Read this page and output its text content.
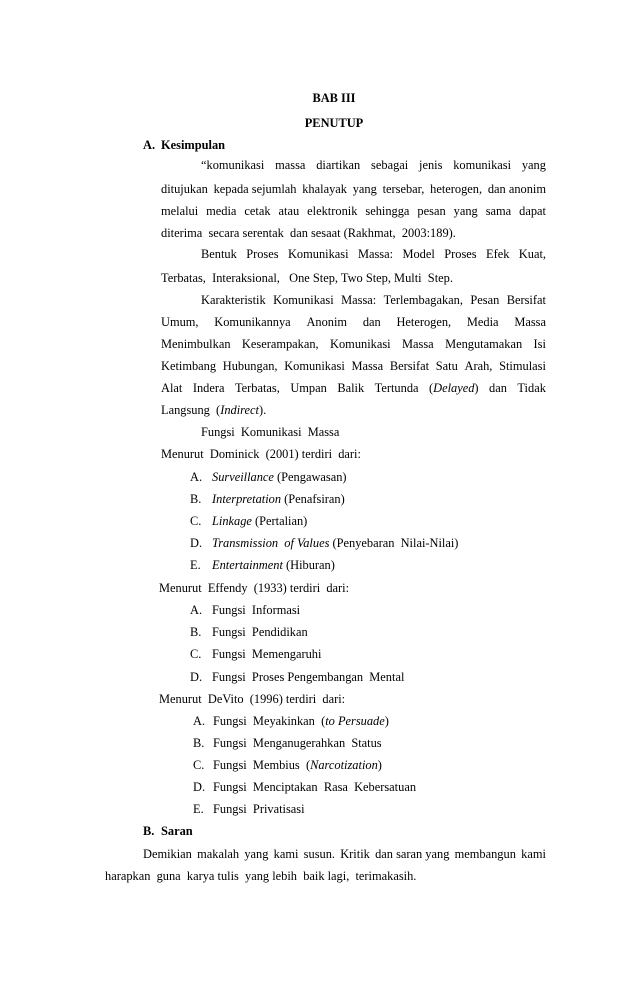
BAB III
PENUTUP
A. Kesimpulan
“komunikasi massa diartikan sebagai jenis komunikasi yang
ditujukan kepada sejumlah khalayak yang tersebar, heterogen, dan anonim
melalui media cetak atau elektronik sehingga pesan yang sama dapat
diterima  secara serentak  dan sesaat (Rakhmat,  2003:189).
Bentuk Proses Komunikasi Massa: Model Proses Efek Kuat,
Terbatas,  Interaksional,   One Step, Two Step, Multi  Step.
Karakteristik Komunikasi Massa: Terlembagakan, Pesan Bersifat
Umum, Komunikannya Anonim dan Heterogen, Media Massa
Menimbulkan Keserampakan, Komunikasi Massa Mengutamakan Isi
Ketimbang Hubungan, Komunikasi Massa Bersifat Satu Arah, Stimulasi
Alat Indera Terbatas, Umpan Balik Tertunda (Delayed) dan Tidak
Langsung  (Indirect).
Fungsi  Komunikasi  Massa
Menurut  Dominick  (2001) terdiri  dari:
A. Surveillance (Pengawasan)
B. Interpretation (Penafsiran)
C. Linkage (Pertalian)
D. Transmission  of Values (Penyebaran  Nilai-Nilai)
E. Entertainment (Hiburan)
Menurut  Effendy  (1933) terdiri  dari:
A. Fungsi  Informasi
B. Fungsi  Pendidikan
C. Fungsi  Memengaruhi
D. Fungsi  Proses Pengembangan  Mental
Menurut  DeVito  (1996) terdiri  dari:
A. Fungsi  Meyakinkan  (to Persuade)
B. Fungsi  Menganugerahkan  Status
C. Fungsi  Membius  (Narcotization)
D. Fungsi  Menciptakan  Rasa  Kebersatuan
E. Fungsi  Privatisasi
B. Saran
Demikian makalah yang kami susun. Kritik dan saran yang membangun kami
harapkan  guna  karya tulis  yang lebih  baik lagi,  terimakasih.
